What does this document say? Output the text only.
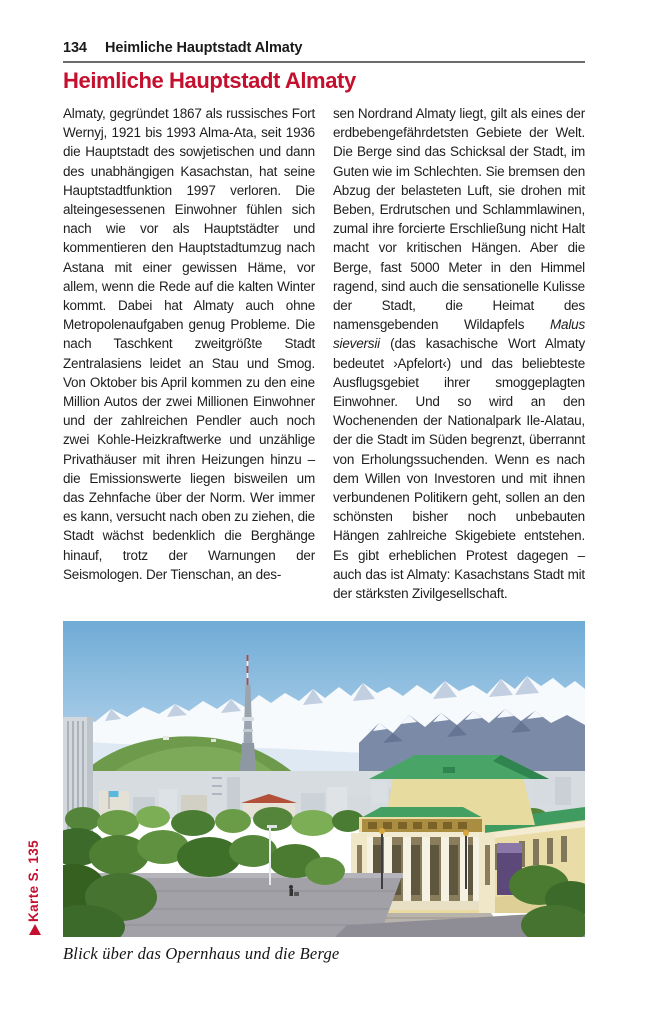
Karte S. 135
134 Heimliche Hauptstadt Almaty
Heimliche Hauptstadt Almaty

Almaty, gegründet 1867 als russisches Fort Wernyj, 1921 bis 1993 Alma-Ata, seit 1936 die Hauptstadt des sowjetischen und dann des unabhängigen Kasachstan, hat seine Hauptstadtfunktion 1997 verloren. Die alteingesessenen Einwohner fühlen sich nach wie vor als Hauptstädter und kommentieren den Hauptstadtumzug nach Astana mit einer gewissen Häme, vor allem, wenn die Rede auf die kalten Winter kommt. Dabei hat Almaty auch ohne Metropolenaufgaben genug Probleme. Die nach Taschkent zweitgrößte Stadt Zentralasiens leidet an Stau und Smog. Von Oktober bis April kommen zu den eine Million Autos der zwei Millionen Einwohner und der zahlreichen Pendler auch noch zwei Kohle-Heizkraftwerke und unzählige Privathäuser mit ihren Heizungen hinzu – die Emissionswerte liegen bisweilen um das Zehnfache über der Norm. Wer immer es kann, versucht nach oben zu ziehen, die Stadt wächst bedenklich die Berghänge hinauf, trotz der Warnungen der Seismologen. Der Tienschan, an des-

sen Nordrand Almaty liegt, gilt als eines der erdbebengefährdetsten Gebiete der Welt. Die Berge sind das Schicksal der Stadt, im Guten wie im Schlechten. Sie bremsen den Abzug der belasteten Luft, sie drohen mit Beben, Erdrutschen und Schlammlawinen, zumal ihre forcierte Erschließung nicht Halt macht vor kritischen Hängen. Aber die Berge, fast 5000 Meter in den Himmel ragend, sind auch die sensationelle Kulisse der Stadt, die Heimat des namensgebenden Wildapfels Malus sieversii (das kasachische Wort Almaty bedeutet ›Apfelort‹) und das beliebteste Ausflugsgebiet ihrer smoggeplagten Einwohner. Und so wird an den Wochenenden der Nationalpark Ile-Alatau, der die Stadt im Süden begrenzt, überrannt von Erholungssuchenden. Wenn es nach dem Willen von Investoren und mit ihnen verbundenen Politikern geht, sollen an den schönsten bisher noch unbebauten Hängen zahlreiche Skigebiete entstehen. Es gibt erheblichen Protest dagegen – auch das ist Almaty: Kasachstans Stadt mit der stärksten Zivilgesellschaft.

Blick über das Opernhaus und die Berge
